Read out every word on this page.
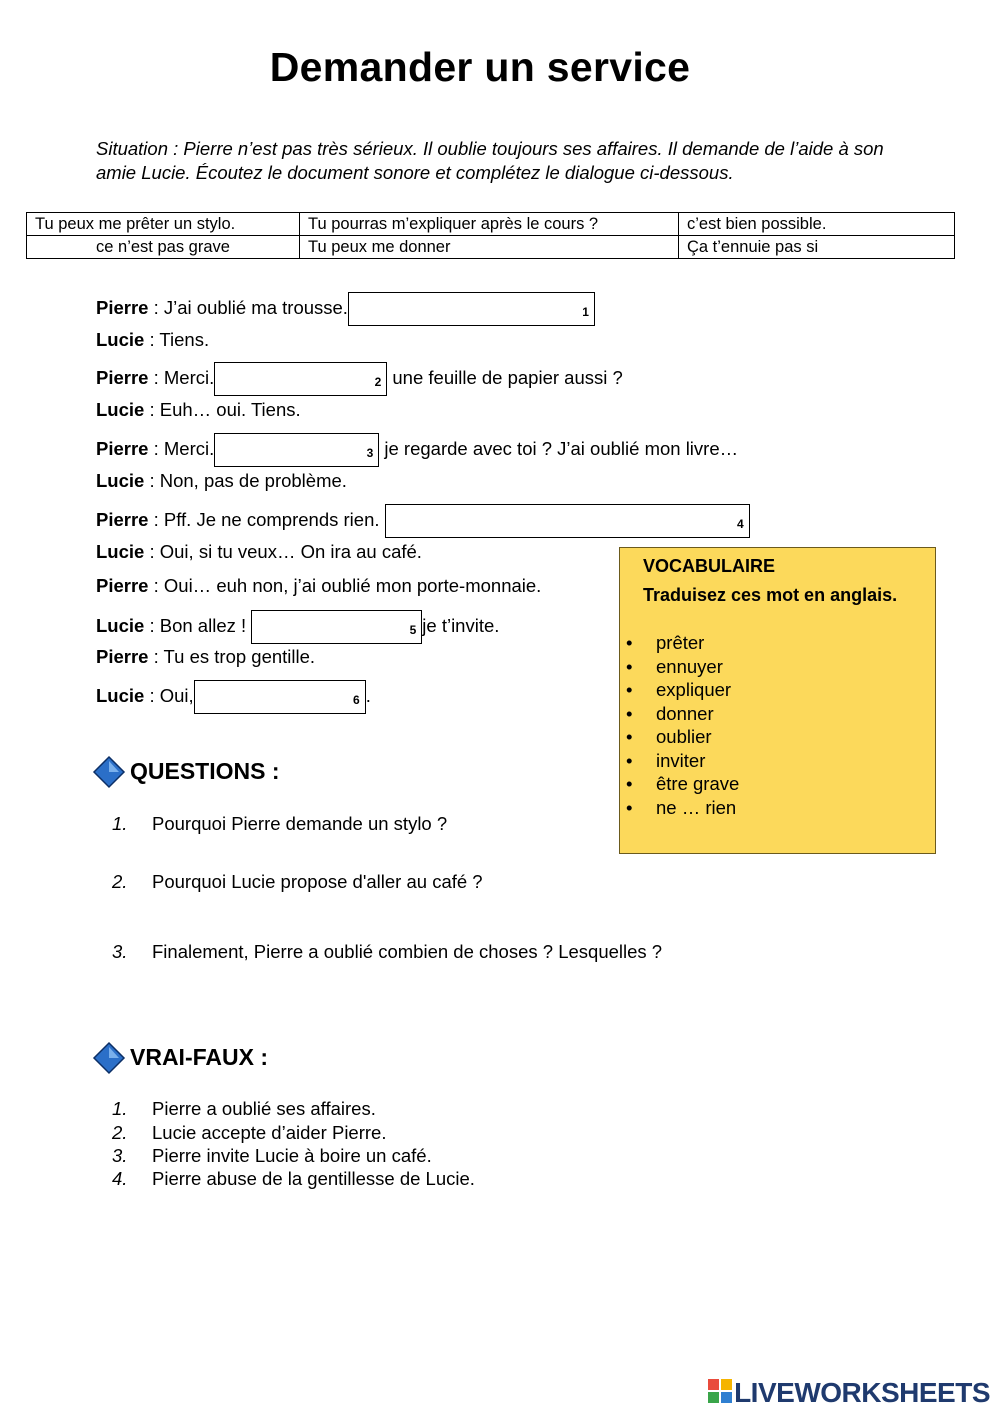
Demander un service
Situation : Pierre n’est pas très sérieux. Il oublie toujours ses affaires. Il demande de l’aide à son amie Lucie. Écoutez le document sonore et complétez le dialogue ci-dessous.
Tu peux me prêter un stylo.	Tu pourras m’expliquer après le cours ?	c’est bien possible.
ce n’est pas grave	Tu peux me donner	Ça t’ennuie pas si
Pierre : J’ai oublié ma trousse.	1
Lucie : Tiens.
Pierre : Merci.	2 une feuille de papier aussi ?
Lucie : Euh… oui. Tiens.
Pierre : Merci.	3 je regarde avec toi ? J’ai oublié mon livre…
Lucie : Non, pas de problème.
Pierre : Pff. Je ne comprends rien.	4
Lucie : Oui, si tu veux… On ira au café.
Pierre : Oui… euh non, j’ai oublié mon porte-monnaie.
Lucie : Bon allez !	5 je t’invite.
Pierre : Tu es trop gentille.
Lucie : Oui,	6 .
VOCABULAIRE
Traduisez ces mot en anglais.
• prêter
• ennuyer
• expliquer
• donner
• oublier
• inviter
• être grave
• ne … rien
QUESTIONS :
1. Pourquoi Pierre demande un stylo ?
2. Pourquoi Lucie propose d'aller au café ?
3. Finalement, Pierre a oublié combien de choses ? Lesquelles ?
VRAI-FAUX :
1. Pierre a oublié ses affaires.
2. Lucie accepte d’aider Pierre.
3. Pierre invite Lucie à boire un café.
4. Pierre abuse de la gentillesse de Lucie.
LIVEWORKSHEETS
